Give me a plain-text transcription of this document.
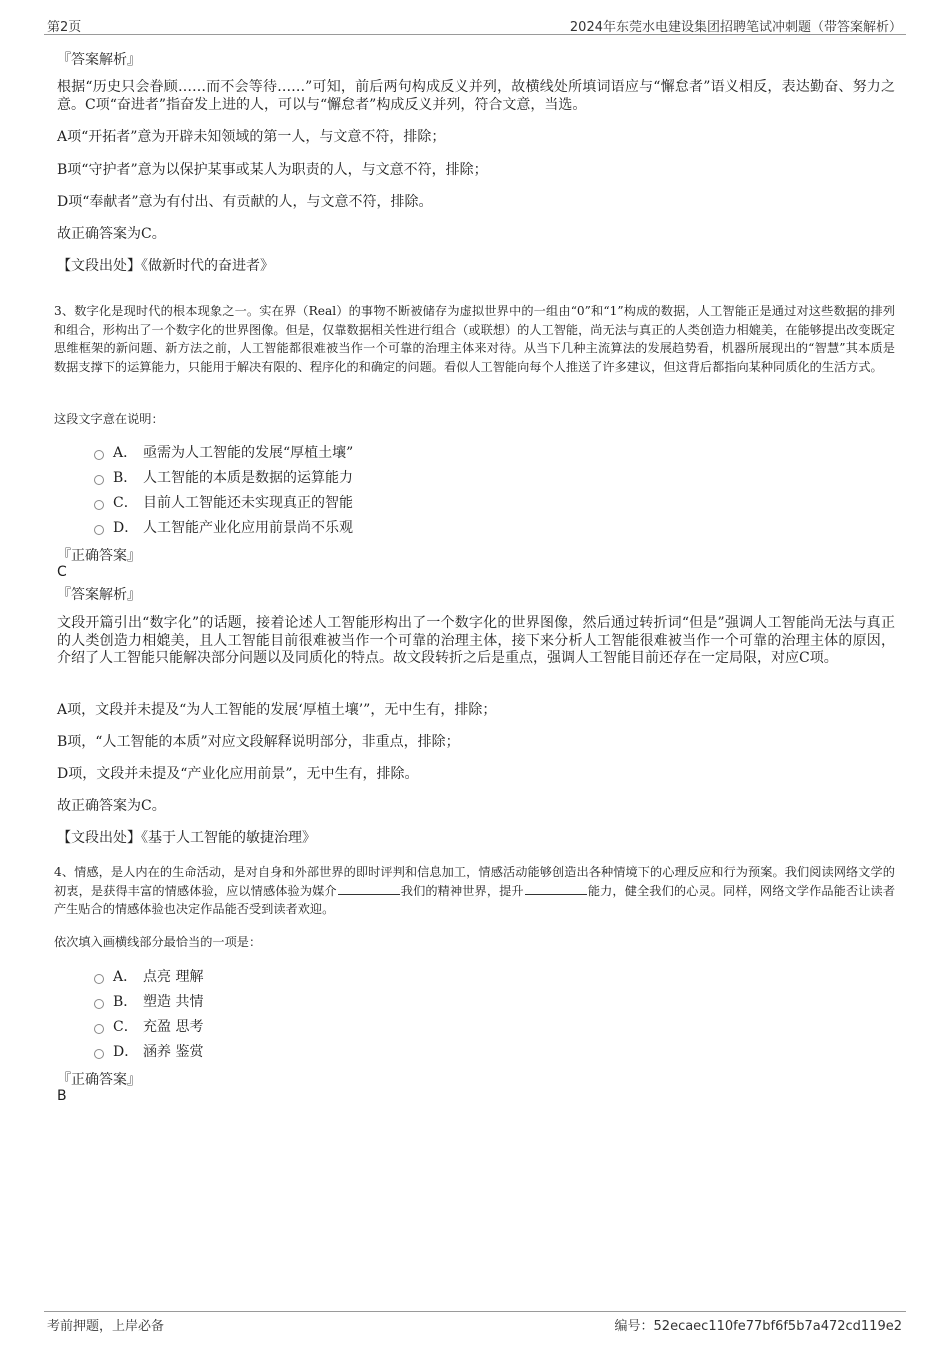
第2页	2024年东莞水电建设集团招聘笔试冲刺题（带答案解析）

『答案解析』

根据“历史只会眷顾……而不会等待……”可知，前后两句构成反义并列，故横线处所填词语应与“懈怠者”语义相反，表达勤奋、努力之意。C项“奋进者”指奋发上进的人，可以与“懈怠者”构成反义并列，符合文意，当选。

A项“开拓者”意为开辟未知领域的第一人，与文意不符，排除；

B项“守护者”意为以保护某事或某人为职责的人，与文意不符，排除；

D项“奉献者”意为有付出、有贡献的人，与文意不符，排除。

故正确答案为C。

【文段出处】《做新时代的奋进者》

3、数字化是现时代的根本现象之一。实在界（Real）的事物不断被储存为虚拟世界中的一组由“0”和“1”构成的数据，人工智能正是通过对这些数据的排列和组合，形构出了一个数字化的世界图像。但是，仅靠数据相关性进行组合（或联想）的人工智能，尚无法与真正的人类创造力相媲美，在能够提出改变既定思维框架的新问题、新方法之前，人工智能都很难被当作一个可靠的治理主体来对待。从当下几种主流算法的发展趋势看，机器所展现出的“智慧”其本质是数据支撑下的运算能力，只能用于解决有限的、程序化的和确定的问题。看似人工智能向每个人推送了许多建议，但这背后都指向某种同质化的生活方式。

这段文字意在说明：

A． 亟需为人工智能的发展“厚植土壤”
B． 人工智能的本质是数据的运算能力
C． 目前人工智能还未实现真正的智能
D． 人工智能产业化应用前景尚不乐观

『正确答案』

C

『答案解析』

文段开篇引出“数字化”的话题，接着论述人工智能形构出了一个数字化的世界图像，然后通过转折词“但是”强调人工智能尚无法与真正的人类创造力相媲美，且人工智能目前很难被当作一个可靠的治理主体，接下来分析人工智能很难被当作一个可靠的治理主体的原因，介绍了人工智能只能解决部分问题以及同质化的特点。故文段转折之后是重点，强调人工智能目前还存在一定局限，对应C项。

A项，文段并未提及“为人工智能的发展‘厚植土壤’”，无中生有，排除；

B项，“人工智能的本质”对应文段解释说明部分，非重点，排除；

D项，文段并未提及“产业化应用前景”，无中生有，排除。

故正确答案为C。

【文段出处】《基于人工智能的敏捷治理》

4、情感，是人内在的生命活动，是对自身和外部世界的即时评判和信息加工，情感活动能够创造出各种情境下的心理反应和行为预案。我们阅读网络文学的初衷，是获得丰富的情感体验，应以情感体验为媒介	我们的精神世界，提升	能力，健全我们的心灵。同样，网络文学作品能否让读者产生贴合的情感体验也决定作品能否受到读者欢迎。

依次填入画横线部分最恰当的一项是：

A． 点亮 理解
B． 塑造 共情
C． 充盈 思考
D． 涵养 鉴赏

『正确答案』

B

考前押题，上岸必备	编号：52ecaec110fe77bf6f5b7a472cd119e2
